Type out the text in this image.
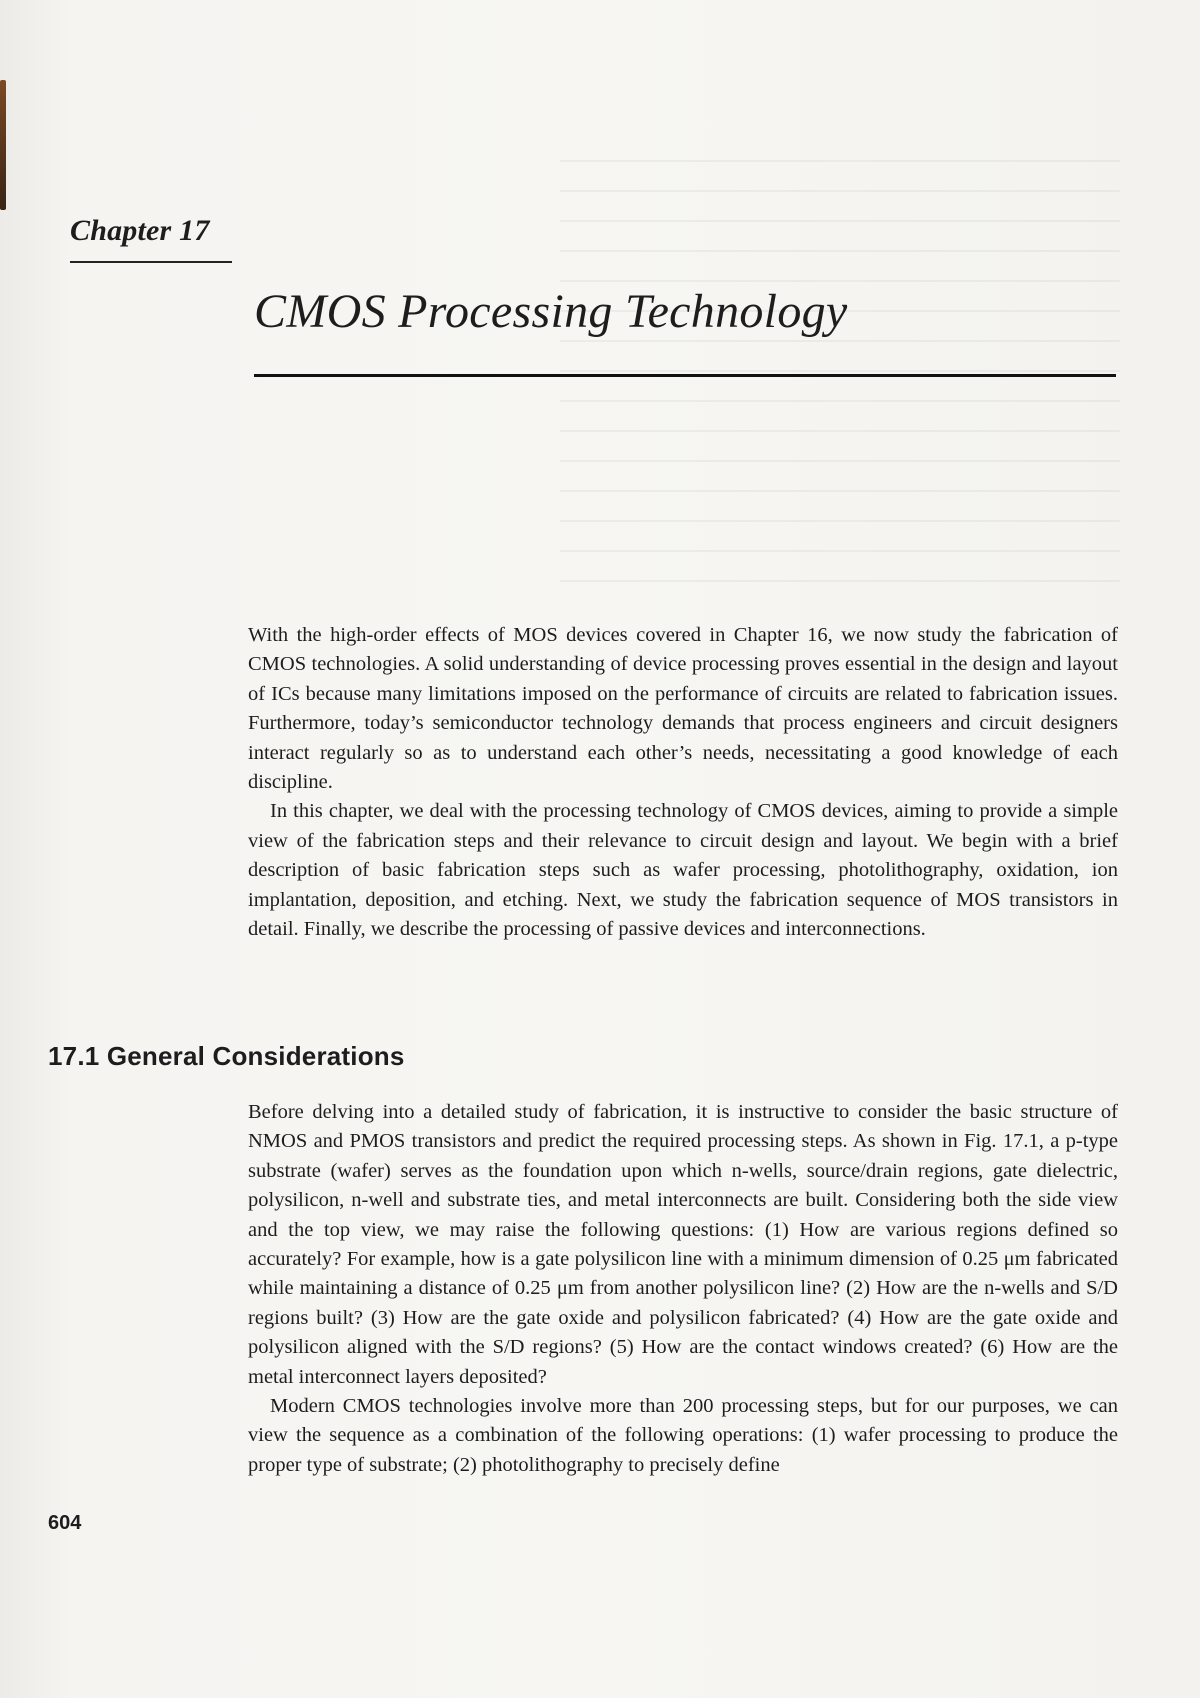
Chapter 17
CMOS Processing Technology

With the high-order effects of MOS devices covered in Chapter 16, we now study the fabrication of CMOS technologies. A solid understanding of device processing proves essential in the design and layout of ICs because many limitations imposed on the performance of circuits are related to fabrication issues. Furthermore, today’s semiconductor technology demands that process engineers and circuit designers interact regularly so as to understand each other’s needs, necessitating a good knowledge of each discipline.

In this chapter, we deal with the processing technology of CMOS devices, aiming to provide a simple view of the fabrication steps and their relevance to circuit design and layout. We begin with a brief description of basic fabrication steps such as wafer processing, photolithography, oxidation, ion implantation, deposition, and etching. Next, we study the fabrication sequence of MOS transistors in detail. Finally, we describe the processing of passive devices and interconnections.

17.1 General Considerations

Before delving into a detailed study of fabrication, it is instructive to consider the basic structure of NMOS and PMOS transistors and predict the required processing steps. As shown in Fig. 17.1, a p-type substrate (wafer) serves as the foundation upon which n-wells, source/drain regions, gate dielectric, polysilicon, n-well and substrate ties, and metal interconnects are built. Considering both the side view and the top view, we may raise the following questions: (1) How are various regions defined so accurately? For example, how is a gate polysilicon line with a minimum dimension of 0.25 μm fabricated while maintaining a distance of 0.25 μm from another polysilicon line? (2) How are the n-wells and S/D regions built? (3) How are the gate oxide and polysilicon fabricated? (4) How are the gate oxide and polysilicon aligned with the S/D regions? (5) How are the contact windows created? (6) How are the metal interconnect layers deposited?

Modern CMOS technologies involve more than 200 processing steps, but for our purposes, we can view the sequence as a combination of the following operations: (1) wafer processing to produce the proper type of substrate; (2) photolithography to precisely define

604
